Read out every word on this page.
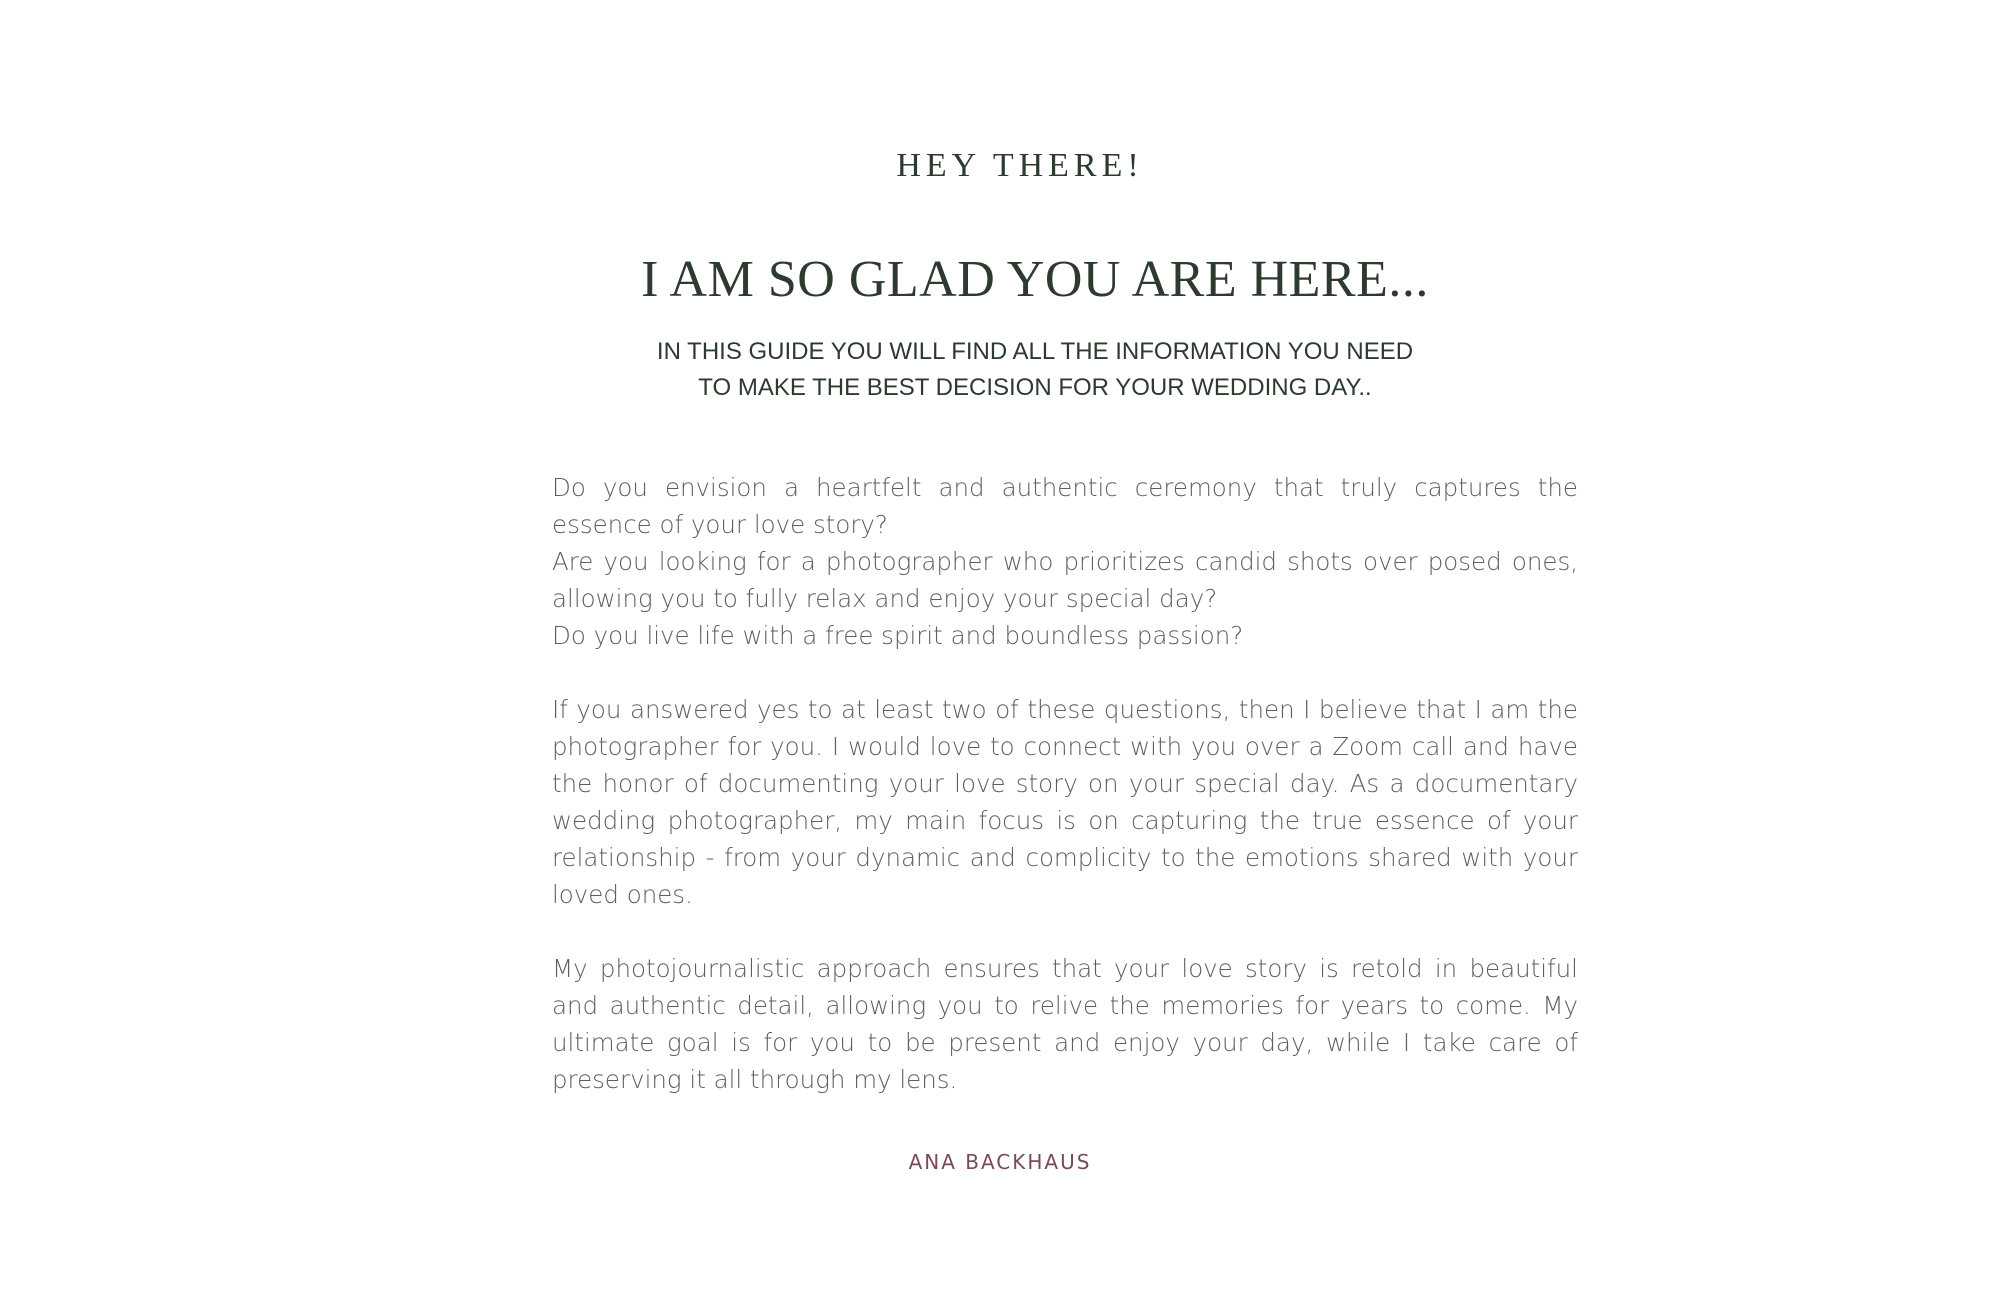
HEY THERE!
I AM SO GLAD YOU ARE HERE...
IN THIS GUIDE YOU WILL FIND ALL THE INFORMATION YOU NEED
TO MAKE THE BEST DECISION FOR YOUR WEDDING DAY..

Do you envision a heartfelt and authentic ceremony that truly captures the essence of your love story?
Are you looking for a photographer who prioritizes candid shots over posed ones, allowing you to fully relax and enjoy your special day?
Do you live life with a free spirit and boundless passion?

If you answered yes to at least two of these questions, then I believe that I am the photographer for you. I would love to connect with you over a Zoom call and have the honor of documenting your love story on your special day. As a documentary wedding photographer, my main focus is on capturing the true essence of your relationship - from your dynamic and complicity to the emotions shared with your loved ones.

My photojournalistic approach ensures that your love story is retold in beautiful and authentic detail, allowing you to relive the memories for years to come. My ultimate goal is for you to be present and enjoy your day, while I take care of preserving it all through my lens.

ANA BACKHAUS
